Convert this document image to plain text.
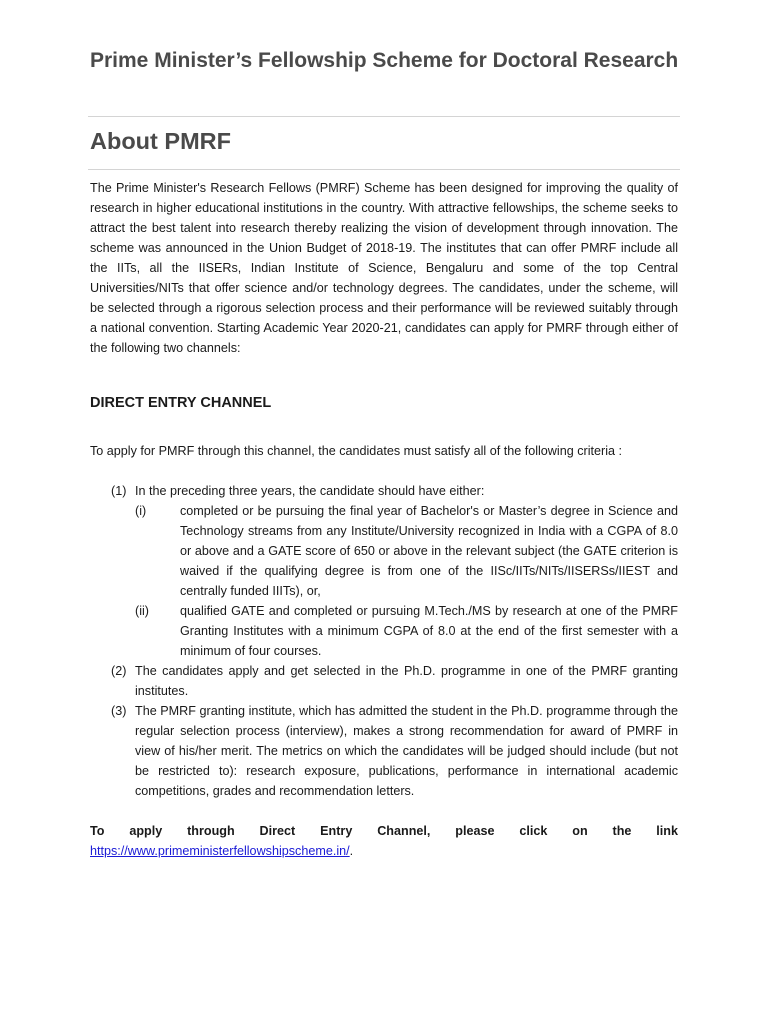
Prime Minister’s Fellowship Scheme for Doctoral Research
About PMRF

The Prime Minister's Research Fellows (PMRF) Scheme has been designed for improving the quality of research in higher educational institutions in the country. With attractive fellowships, the scheme seeks to attract the best talent into research thereby realizing the vision of development through innovation. The scheme was announced in the Union Budget of 2018-19. The institutes that can offer PMRF include all the IITs, all the IISERs, Indian Institute of Science, Bengaluru and some of the top Central Universities/NITs that offer science and/or technology degrees. The candidates, under the scheme, will be selected through a rigorous selection process and their performance will be reviewed suitably through a national convention. Starting Academic Year 2020-21, candidates can apply for PMRF through either of the following two channels:

DIRECT ENTRY CHANNEL
To apply for PMRF through this channel, the candidates must satisfy all of the following criteria :
(1) In the preceding three years, the candidate should have either:
(i)	completed or be pursuing the final year of Bachelor's or Master’s degree in Science and Technology streams from any Institute/University recognized in India with a CGPA of 8.0 or above and a GATE score of 650 or above in the relevant subject (the GATE criterion is waived if the qualifying degree is from one of the IISc/IITs/NITs/IISERSs/IIEST and centrally funded IIITs), or,
(ii) qualified GATE and completed or pursuing M.Tech./MS by research at one of the PMRF Granting Institutes with a minimum CGPA of 8.0 at the end of the first semester with a minimum of four courses.
(2) The candidates apply and get selected in the Ph.D. programme in one of the PMRF granting institutes.
(3) The PMRF granting institute, which has admitted the student in the Ph.D. programme through the regular selection process (interview), makes a strong recommendation for award of PMRF in view of his/her merit. The metrics on which the candidates will be judged should include (but not be restricted to): research exposure, publications, performance in international academic competitions, grades and recommendation letters.
To apply through Direct Entry Channel, please click on the link
https://www.primeministerfellowshipscheme.in/.
